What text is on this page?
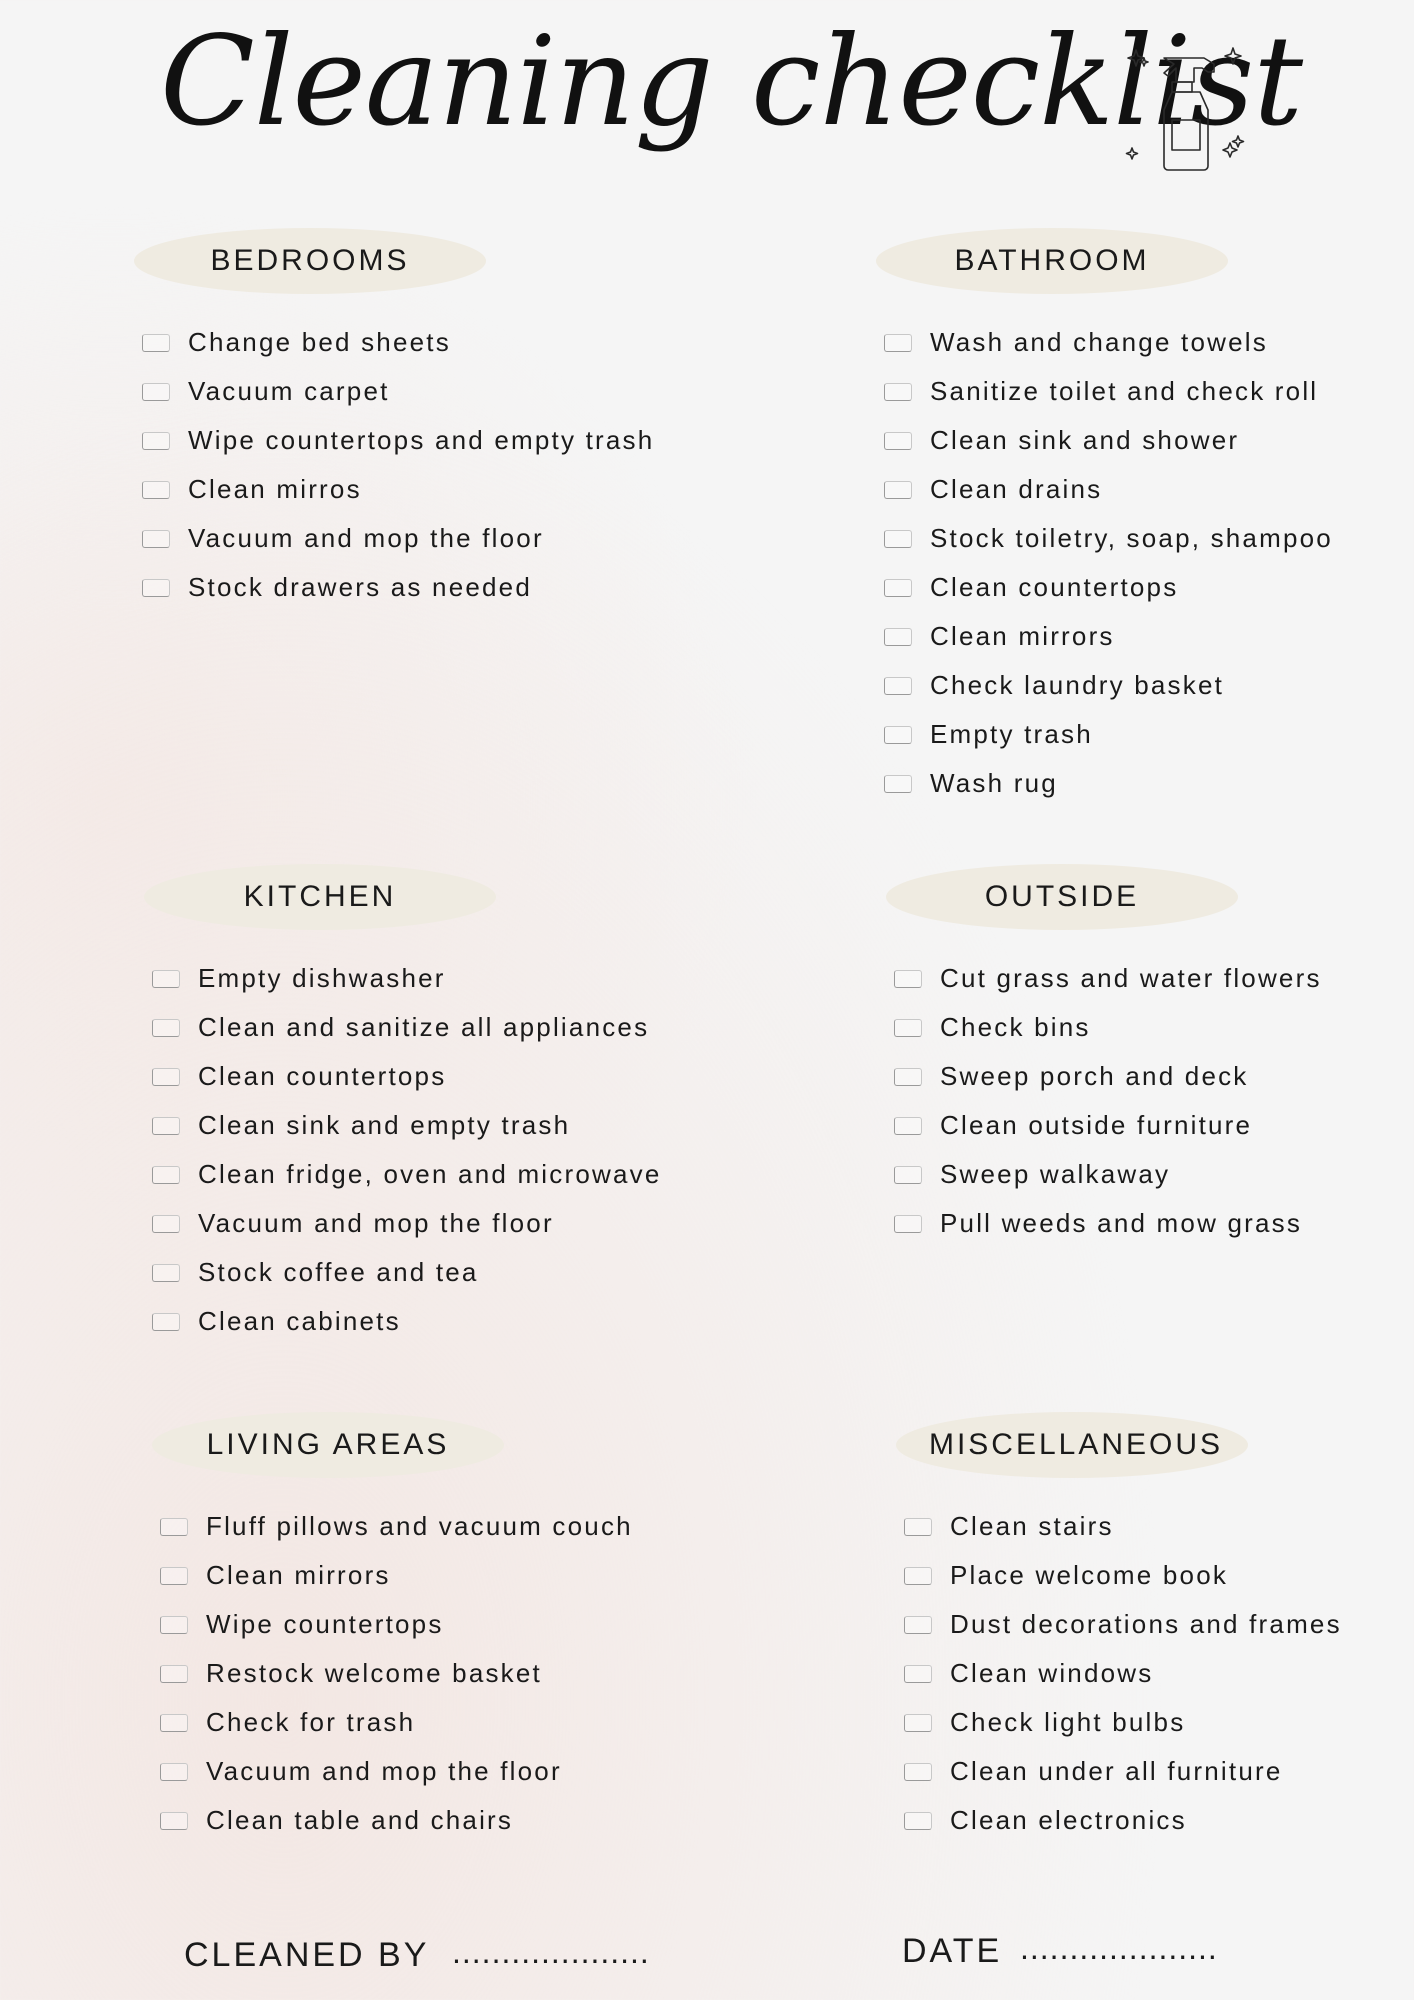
Cleaning checklist
BEDROOMS
Change bed sheets
Vacuum carpet
Wipe countertops and empty trash
Clean mirros
Vacuum and mop the floor
Stock drawers as needed
BATHROOM
Wash and change towels
Sanitize toilet and check roll
Clean sink and shower
Clean drains
Stock toiletry, soap, shampoo
Clean countertops
Clean mirrors
Check laundry basket
Empty trash
Wash rug
KITCHEN
Empty dishwasher
Clean and sanitize all appliances
Clean countertops
Clean sink and empty trash
Clean fridge, oven and microwave
Vacuum and mop the floor
Stock coffee and tea
Clean cabinets
OUTSIDE
Cut grass and water flowers
Check bins
Sweep porch and deck
Clean outside furniture
Sweep walkaway
Pull weeds and mow grass
LIVING AREAS
Fluff pillows and vacuum couch
Clean mirrors
Wipe countertops
Restock welcome basket
Check for trash
Vacuum and mop the floor
Clean table and chairs
MISCELLANEOUS
Clean stairs
Place welcome book
Dust decorations and frames
Clean windows
Check light bulbs
Clean under all furniture
Clean electronics
CLEANED BY ....................	DATE ....................
